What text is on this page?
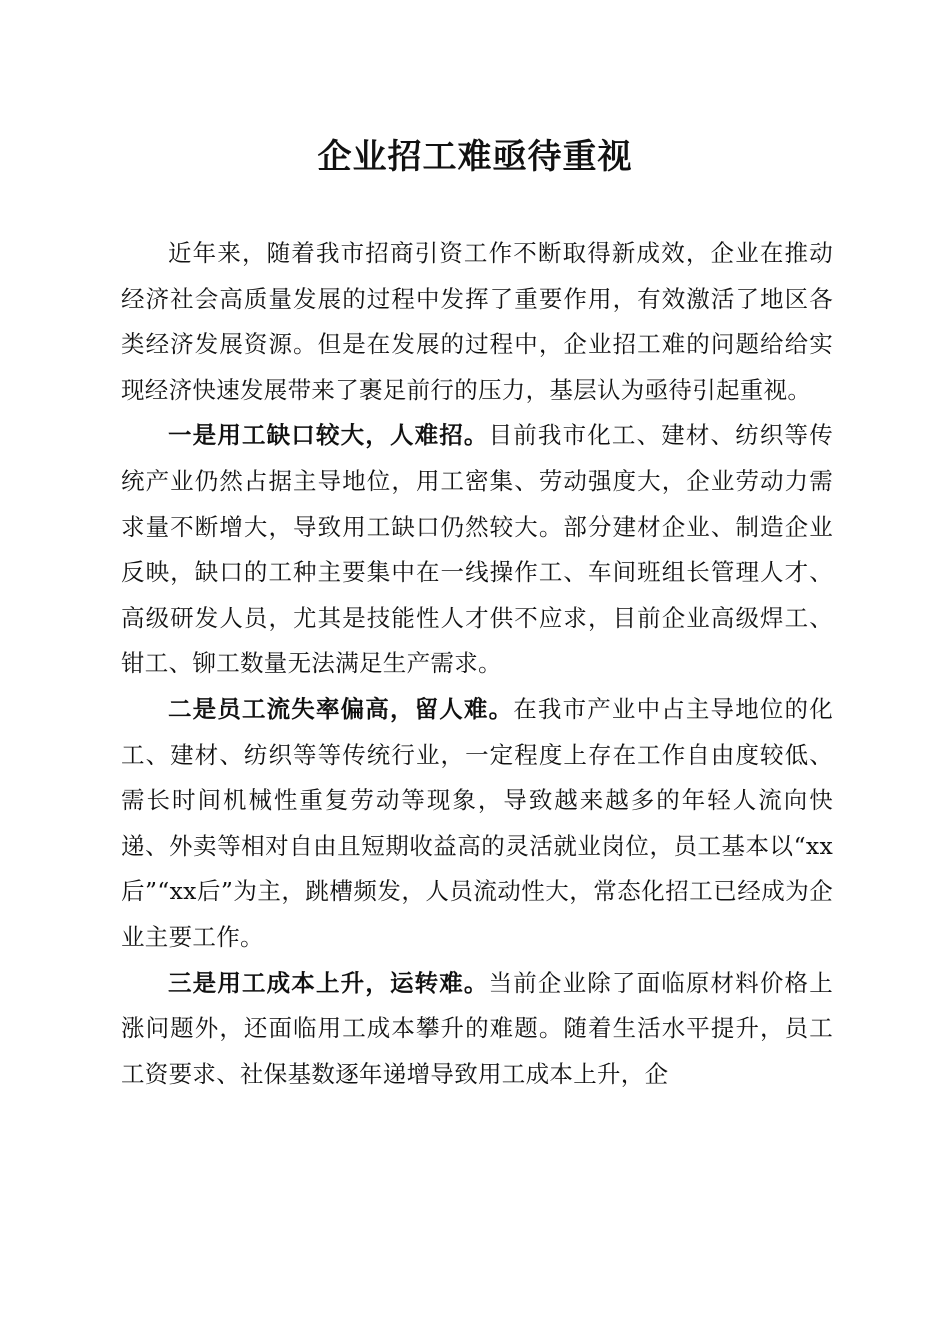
企业招工难亟待重视

近年来，随着我市招商引资工作不断取得新成效，企业在推动经济社会高质量发展的过程中发挥了重要作用，有效激活了地区各类经济发展资源。但是在发展的过程中，企业招工难的问题给给实现经济快速发展带来了裹足前行的压力，基层认为亟待引起重视。

一是用工缺口较大，人难招。目前我市化工、建材、纺织等传统产业仍然占据主导地位，用工密集、劳动强度大，企业劳动力需求量不断增大，导致用工缺口仍然较大。部分建材企业、制造企业反映，缺口的工种主要集中在一线操作工、车间班组长管理人才、高级研发人员，尤其是技能性人才供不应求，目前企业高级焊工、钳工、铆工数量无法满足生产需求。

二是员工流失率偏高，留人难。在我市产业中占主导地位的化工、建材、纺织等等传统行业，一定程度上存在工作自由度较低、需长时间机械性重复劳动等现象，导致越来越多的年轻人流向快递、外卖等相对自由且短期收益高的灵活就业岗位，员工基本以“xx后”“xx后”为主，跳槽频发，人员流动性大，常态化招工已经成为企业主要工作。

三是用工成本上升，运转难。当前企业除了面临原材料价格上涨问题外，还面临用工成本攀升的难题。随着生活水平提升，员工工资要求、社保基数逐年递增导致用工成本上升，企
